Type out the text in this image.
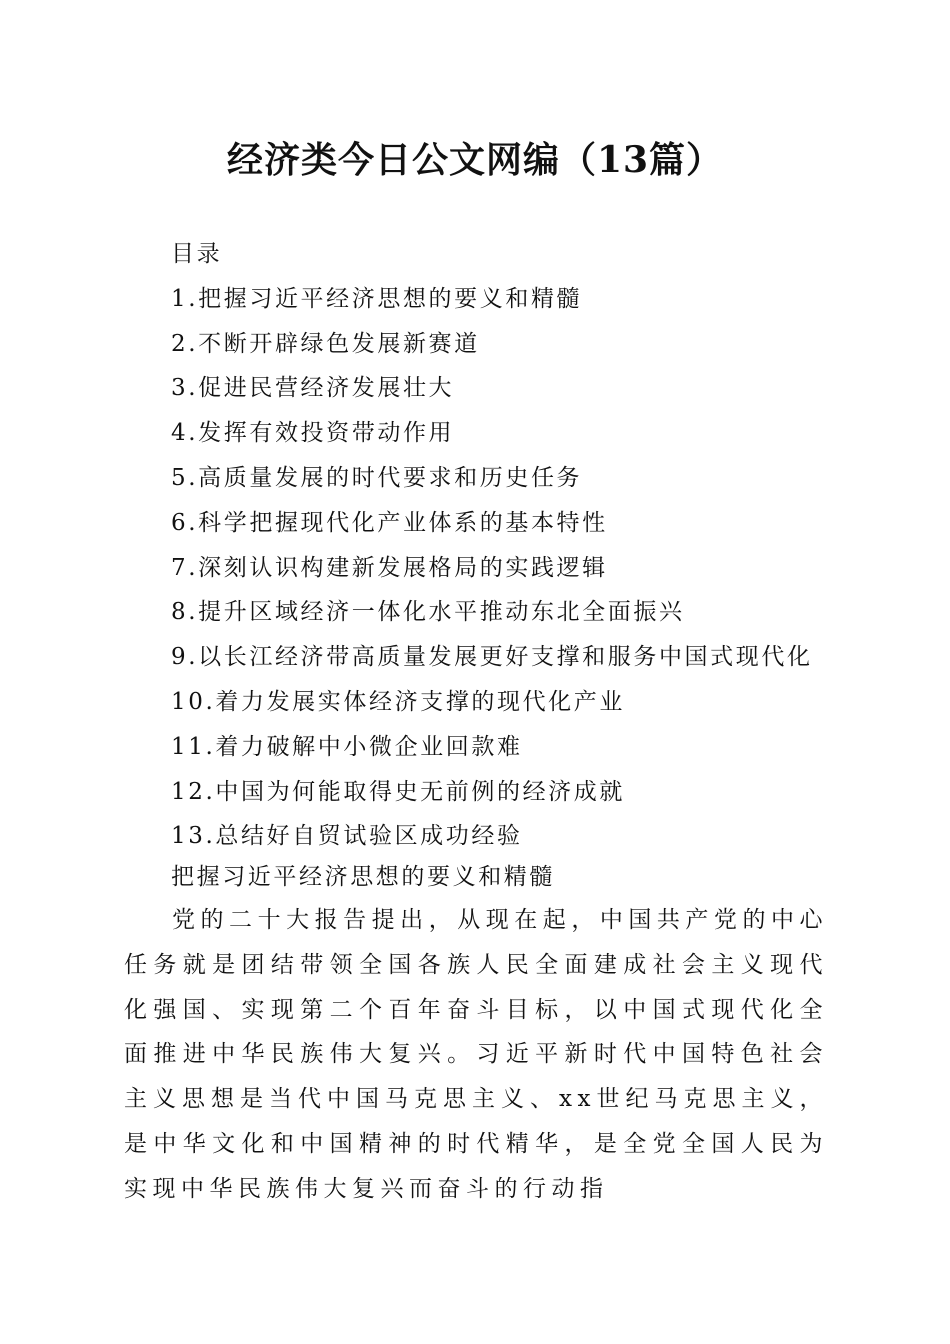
经济类今日公文网编（13篇）
目录
1.把握习近平经济思想的要义和精髓
2.不断开辟绿色发展新赛道
3.促进民营经济发展壮大
4.发挥有效投资带动作用
5.高质量发展的时代要求和历史任务
6.科学把握现代化产业体系的基本特性
7.深刻认识构建新发展格局的实践逻辑
8.提升区域经济一体化水平推动东北全面振兴
9.以长江经济带高质量发展更好支撑和服务中国式现代化
10.着力发展实体经济支撑的现代化产业
11.着力破解中小微企业回款难
12.中国为何能取得史无前例的经济成就
13.总结好自贸试验区成功经验
把握习近平经济思想的要义和精髓

党的二十大报告提出，从现在起，中国共产党的中心任务就是团结带领全国各族人民全面建成社会主义现代化强国、实现第二个百年奋斗目标，以中国式现代化全面推进中华民族伟大复兴。习近平新时代中国特色社会主义思想是当代中国马克思主义、xx世纪马克思主义，是中华文化和中国精神的时代精华，是全党全国人民为实现中华民族伟大复兴而奋斗的行动指
